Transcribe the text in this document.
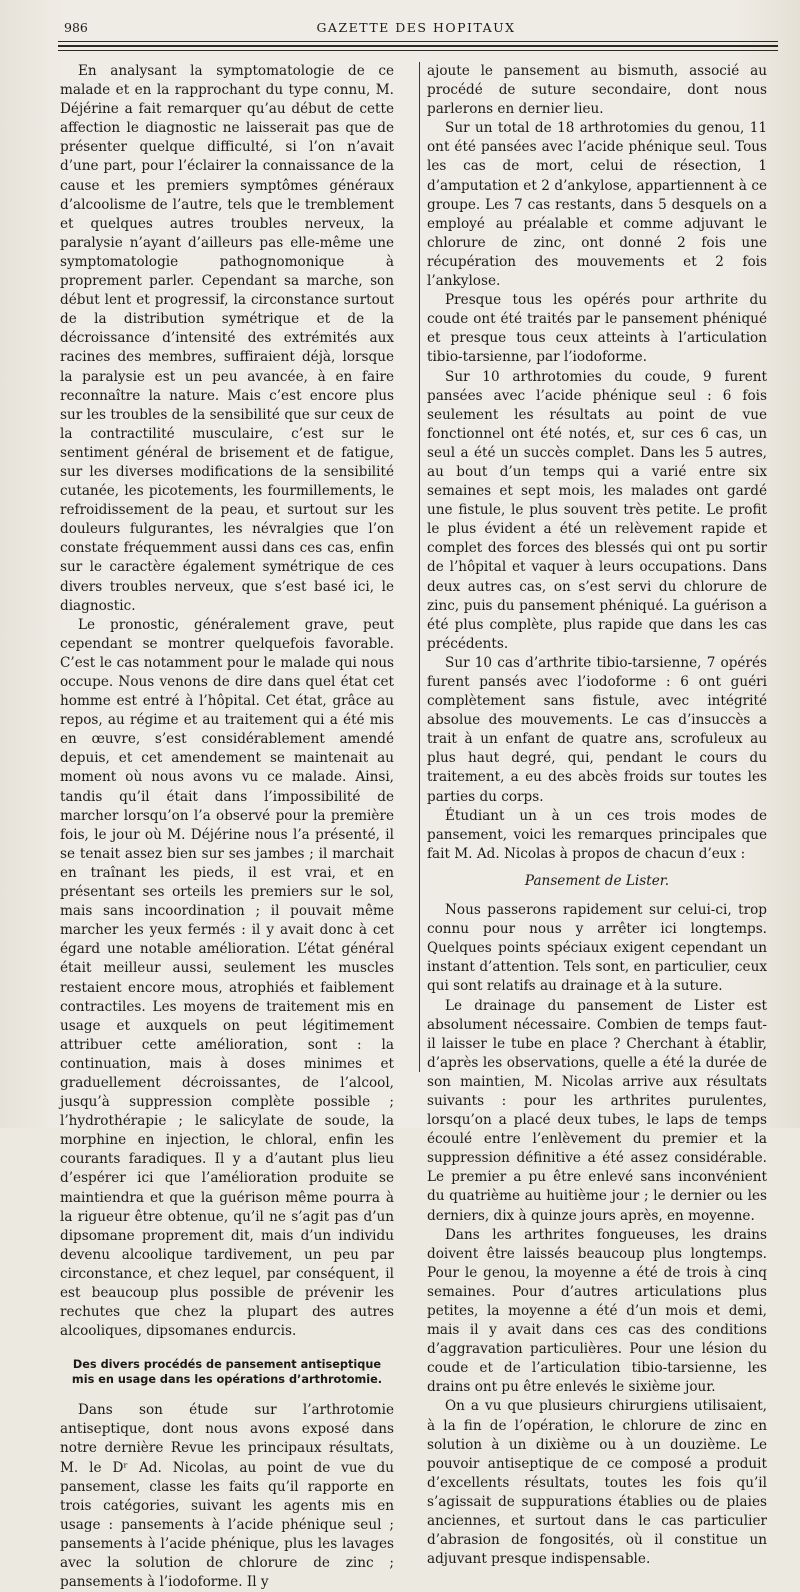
986	GAZETTE DES HOPITAUX

En analysant la symptomatologie de ce malade et en la rapprochant du type connu, M. Déjérine a fait remarquer qu’au début de cette affection le diagnostic ne laisserait pas que de présenter quelque difficulté, si l’on n’avait d’une part, pour l’éclairer la connaissance de la cause et les premiers symptômes généraux d’alcoolisme de l’autre, tels que le tremblement et quelques autres troubles nerveux, la paralysie n’ayant d’ailleurs pas elle-même une symptomatologie pathognomonique à proprement parler. Cependant sa marche, son début lent et progressif, la circonstance surtout de la distribution symétrique et de la décroissance d’intensité des extrémités aux racines des membres, suffiraient déjà, lorsque la paralysie est un peu avancée, à en faire reconnaître la nature. Mais c’est encore plus sur les troubles de la sensibilité que sur ceux de la contractilité musculaire, c’est sur le sentiment général de brisement et de fatigue, sur les diverses modifications de la sensibilité cutanée, les picotements, les fourmillements, le refroidissement de la peau, et surtout sur les douleurs fulgurantes, les névralgies que l’on constate fréquemment aussi dans ces cas, enfin sur le caractère également symétrique de ces divers troubles nerveux, que s’est basé ici, le diagnostic.

Le pronostic, généralement grave, peut cependant se montrer quelquefois favorable. C’est le cas notamment pour le malade qui nous occupe. Nous venons de dire dans quel état cet homme est entré à l’hôpital. Cet état, grâce au repos, au régime et au traitement qui a été mis en œuvre, s’est considérablement amendé depuis, et cet amendement se maintenait au moment où nous avons vu ce malade. Ainsi, tandis qu’il était dans l’impossibilité de marcher lorsqu’on l’a observé pour la première fois, le jour où M. Déjérine nous l’a présenté, il se tenait assez bien sur ses jambes ; il marchait en traînant les pieds, il est vrai, et en présentant ses orteils les premiers sur le sol, mais sans incoordination ; il pouvait même marcher les yeux fermés : il y avait donc à cet égard une notable amélioration. L’état général était meilleur aussi, seulement les muscles restaient encore mous, atrophiés et faiblement contractiles. Les moyens de traitement mis en usage et auxquels on peut légitimement attribuer cette amélioration, sont : la continuation, mais à doses minimes et graduellement décroissantes, de l’alcool, jusqu’à suppression complète possible ; l’hydrothérapie ; le salicylate de soude, la morphine en injection, le chloral, enfin les courants faradiques. Il y a d’autant plus lieu d’espérer ici que l’amélioration produite se maintiendra et que la guérison même pourra à la rigueur être obtenue, qu’il ne s’agit pas d’un dipsomane proprement dit, mais d’un individu devenu alcoolique tardivement, un peu par circonstance, et chez lequel, par conséquent, il est beaucoup plus possible de prévenir les rechutes que chez la plupart des autres alcooliques, dipsomanes endurcis.

Des divers procédés de pansement antiseptique mis en usage dans les opérations d’arthrotomie.

Dans son étude sur l’arthrotomie antiseptique, dont nous avons exposé dans notre dernière Revue les principaux résultats, M. le Dʳ Ad. Nicolas, au point de vue du pansement, classe les faits qu’il rapporte en trois catégories, suivant les agents mis en usage : pansements à l’acide phénique seul ; pansements à l’acide phénique, plus les lavages avec la solution de chlorure de zinc ; pansements à l’iodoforme. Il y

ajoute le pansement au bismuth, associé au procédé de suture secondaire, dont nous parlerons en dernier lieu.

Sur un total de 18 arthrotomies du genou, 11 ont été pansées avec l’acide phénique seul. Tous les cas de mort, celui de résection, 1 d’amputation et 2 d’ankylose, appartiennent à ce groupe. Les 7 cas restants, dans 5 desquels on a employé au préalable et comme adjuvant le chlorure de zinc, ont donné 2 fois une récupération des mouvements et 2 fois l’ankylose.

Presque tous les opérés pour arthrite du coude ont été traités par le pansement phéniqué et presque tous ceux atteints à l’articulation tibio-tarsienne, par l’iodoforme.

Sur 10 arthrotomies du coude, 9 furent pansées avec l’acide phénique seul : 6 fois seulement les résultats au point de vue fonctionnel ont été notés, et, sur ces 6 cas, un seul a été un succès complet. Dans les 5 autres, au bout d’un temps qui a varié entre six semaines et sept mois, les malades ont gardé une fistule, le plus souvent très petite. Le profit le plus évident a été un relèvement rapide et complet des forces des blessés qui ont pu sortir de l’hôpital et vaquer à leurs occupations. Dans deux autres cas, on s’est servi du chlorure de zinc, puis du pansement phéniqué. La guérison a été plus complète, plus rapide que dans les cas précédents.

Sur 10 cas d’arthrite tibio-tarsienne, 7 opérés furent pansés avec l’iodoforme : 6 ont guéri complètement sans fistule, avec intégrité absolue des mouvements. Le cas d’insuccès a trait à un enfant de quatre ans, scrofuleux au plus haut degré, qui, pendant le cours du traitement, a eu des abcès froids sur toutes les parties du corps.

Étudiant un à un ces trois modes de pansement, voici les remarques principales que fait M. Ad. Nicolas à propos de chacun d’eux :

Pansement de Lister.

Nous passerons rapidement sur celui-ci, trop connu pour nous y arrêter ici longtemps. Quelques points spéciaux exigent cependant un instant d’attention. Tels sont, en particulier, ceux qui sont relatifs au drainage et à la suture.

Le drainage du pansement de Lister est absolument nécessaire. Combien de temps faut-il laisser le tube en place ? Cherchant à établir, d’après les observations, quelle a été la durée de son maintien, M. Nicolas arrive aux résultats suivants : pour les arthrites purulentes, lorsqu’on a placé deux tubes, le laps de temps écoulé entre l’enlèvement du premier et la suppression définitive a été assez considérable. Le premier a pu être enlevé sans inconvénient du quatrième au huitième jour ; le dernier ou les derniers, dix à quinze jours après, en moyenne.

Dans les arthrites fongueuses, les drains doivent être laissés beaucoup plus longtemps. Pour le genou, la moyenne a été de trois à cinq semaines. Pour d’autres articulations plus petites, la moyenne a été d’un mois et demi, mais il y avait dans ces cas des conditions d’aggravation particulières. Pour une lésion du coude et de l’articulation tibio-tarsienne, les drains ont pu être enlevés le sixième jour.

On a vu que plusieurs chirurgiens utilisaient, à la fin de l’opération, le chlorure de zinc en solution à un dixième ou à un douzième. Le pouvoir antiseptique de ce composé a produit d’excellents résultats, toutes les fois qu’il s’agissait de suppurations établies ou de plaies anciennes, et surtout dans le cas particulier d’abrasion de fongosités, où il constitue un adjuvant presque indispensable.
